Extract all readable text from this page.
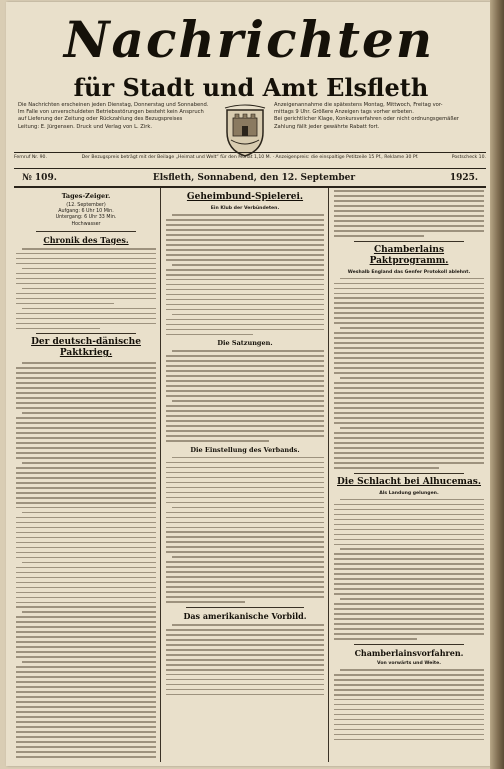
Nachrichten
für Stadt und Amt Elsfleth
Die Nachrichten erscheinen jeden Dienstag, Donnerstag und Sonnabend.
Im Falle von unverschuldeten Betriebsstörungen besteht kein Anspruch
auf Lieferung der Zeitung oder Rückzahlung des Bezugspreises
Leitung: E. Jürgensen. Druck und Verlag von L. Zirk.
Anzeigenannahme die spätestens Montag, Mittwoch, Freitag vor-
mittags 9 Uhr. Größere Anzeigen tags vorher erbeten.
Bei gerichtlicher Klage, Konkursverfahren oder nicht ordnungsgemäßer
Zahlung fällt jeder gewährte Rabatt fort.
Fernruf Nr. 90.	Der Bezugspreis beträgt mit der Beilage „Heimat und Welt“ für den Monat 1,10 M. · Anzeigenpreis: die einspaltige Petitzeile 15 Pf., Reklame 30 Pf.	Postscheck 10.
№ 109.	Elsfleth, Sonnabend, den 12. September	1925.
Tages-Zeiger.
(12. September)
Aufgang: 6 Uhr 10 Min.
Untergang: 6 Uhr 33 Min.
Hochwasser
Chronik des Tages.
Der deutsch-dänische Paktkrieg.
Geheimbund-Spielerei.
Ein Klub der Verbündeten.
Die Satzungen.
Die Einstellung des Verbands.
Das amerikanische Vorbild.
Chamberlains Paktprogramm.
Weshalb England das Genfer Protokoll ablehnt.
Die Schlacht bei Alhucemas.
Als Landung gelungen.
Chamberlainsvorfahren.
Von vorwärts und Weite.
